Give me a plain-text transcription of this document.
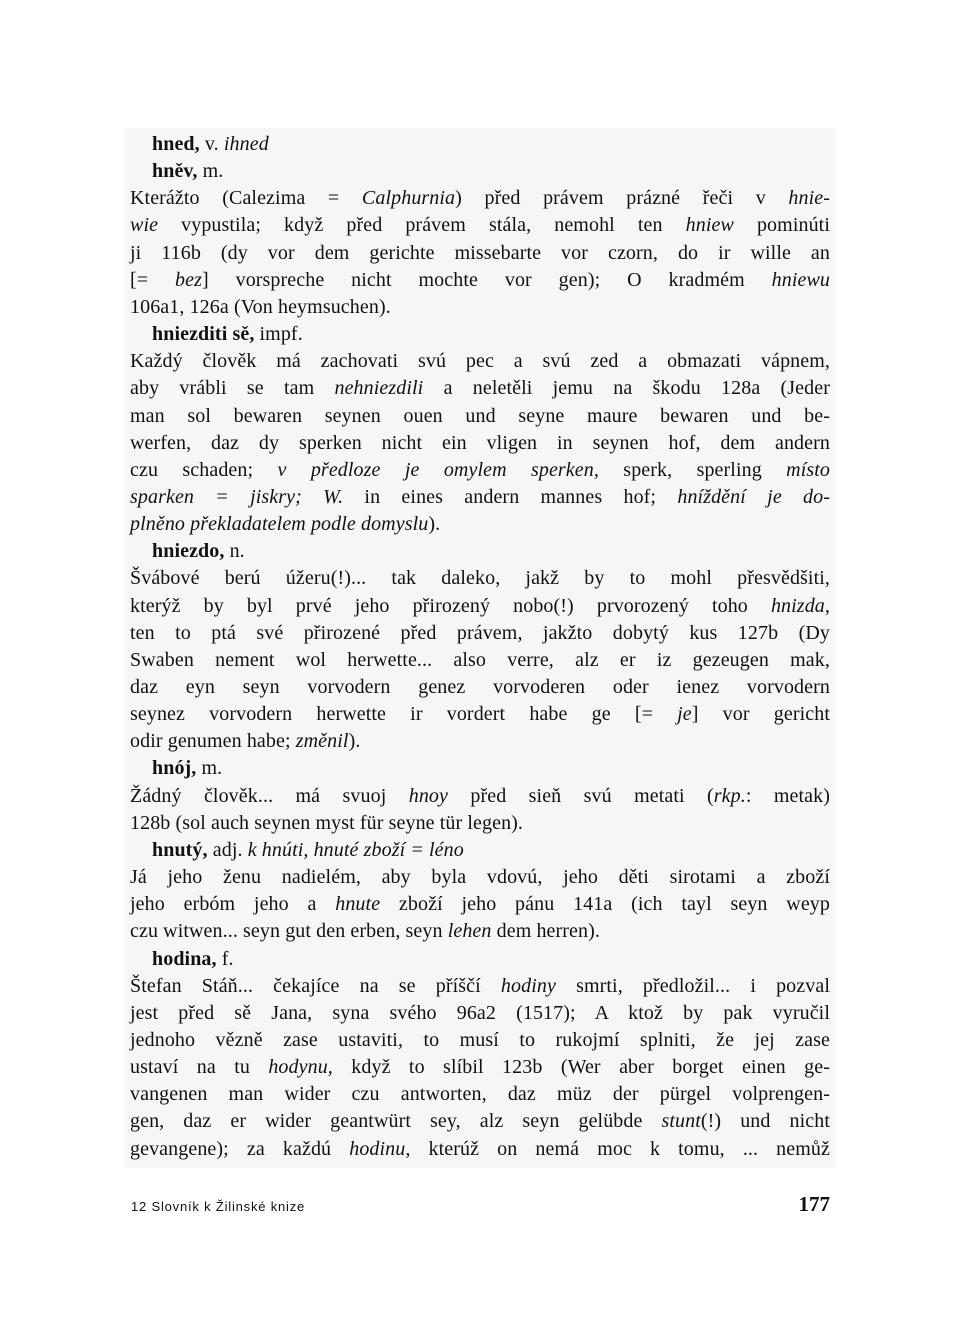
hned, v. ihned
hněv, m.
Kterážto (Calezima = Calphurnia) před právem prázné řeči v hnie-
wie vypustila; když před právem stála, nemohl ten hniew pominúti
ji 116b (dy vor dem gerichte missebarte vor czorn, do ir wille an
[= bez] vorspreche nicht mochte vor gen); O kradmém hniewu
106a1, 126a (Von heymsuchen).
hniezditi sě, impf.
Každý člověk má zachovati svú pec a svú zed a obmazati vápnem,
aby vrábli se tam nehniezdili a neletěli jemu na škodu 128a (Jeder
man sol bewaren seynen ouen und seyne maure bewaren und be-
werfen, daz dy sperken nicht ein vligen in seynen hof, dem andern
czu schaden; v předloze je omylem sperken, sperk, sperling místo
sparken = jiskry; W. in eines andern mannes hof; hníždění je do-
plněno překladatelem podle domyslu).
hniezdo, n.
Švábové berú úžeru(!)... tak daleko, jakž by to mohl přesvědšiti,
kterýž by byl prvé jeho přirozený nobo(!) prvorozený toho hnizda,
ten to ptá své přirozené před právem, jakžto dobytý kus 127b (Dy
Swaben nement wol herwette... also verre, alz er iz gezeugen mak,
daz eyn seyn vorvodern genez vorvoderen oder ienez vorvodern
seynez vorvodern herwette ir vordert habe ge [= je] vor gericht
odir genumen habe; změnil).
hnój, m.
Žádný člověk... má svuoj hnoy před sieň svú metati (rkp.: metak)
128b (sol auch seynen myst für seyne tür legen).
hnutý, adj. k hnúti, hnuté zboží = léno
Já jeho ženu nadielém, aby byla vdovú, jeho děti sirotami a zboží
jeho erbóm jeho a hnute zboží jeho pánu 141a (ich tayl seyn weyp
czu witwen... seyn gut den erben, seyn lehen dem herren).
hodina, f.
Štefan Stáň... čekajíce na se příščí hodiny smrti, předložil... i pozval
jest před sě Jana, syna svého 96a2 (1517); A ktož by pak vyručil
jednoho vězně zase ustaviti, to musí to rukojmí splniti, že jej zase
ustaví na tu hodynu, když to slíbil 123b (Wer aber borget einen ge-
vangenen man wider czu antworten, daz müz der pürgel volprengen-
gen, daz er wider geantwürt sey, alz seyn gelübde stunt(!) und nicht
gevangene); za každú hodinu, kterúž on nemá moc k tomu, ... nemůž
12 Slovník k Žilinské knize	177
